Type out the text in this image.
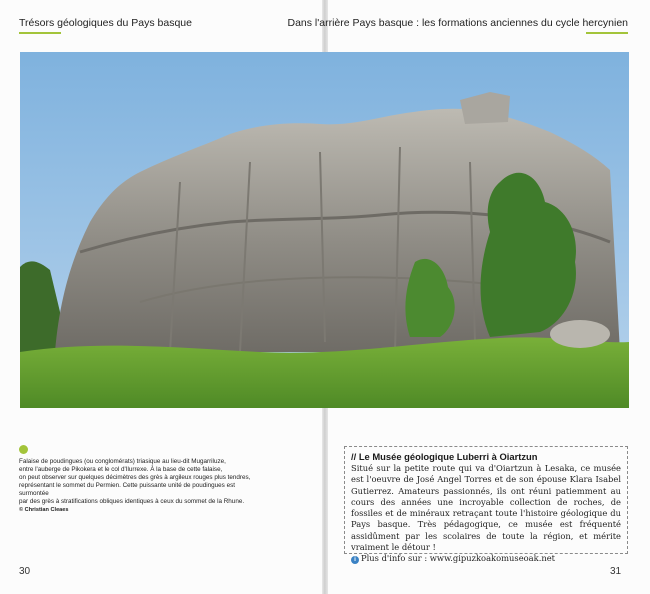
Trésors géologiques du Pays basque	Dans l'arrière Pays basque : les formations anciennes du cycle hercynien

Falaise de poudingues (ou conglomérats) triasique au lieu-dit Mugarriluze,

entre l'auberge de Pikokera et le col d'Ilurrexe. À la base de cette falaise,

on peut observer sur quelques décimètres des grès à argileux rouges plus tendres,

représentant le sommet du Permien. Cette puissante unité de poudingues est surmontée

par des grès à stratifications obliques identiques à ceux du sommet de la Rhune.

© Christian Cleaes

// Le Musée géologique Luberri à Oiartzun

Situé sur la petite route qui va d'Oiartzun à Lesaka, ce musée est l'oeuvre de José Angel Torres et de son épouse Klara Isabel Gutierrez. Amateurs passionnés, ils ont réuni patiemment au cours des années une incroyable collection de roches, de fossiles et de minéraux retraçant toute l'histoire géologique du Pays basque. Très pédagogique, ce musée est fréquenté assidûment par les scolaires de toute la région, et mérite vraiment le détour !

i Plus d'info sur : www.gipuzkoakomuseoak.net

30	31
